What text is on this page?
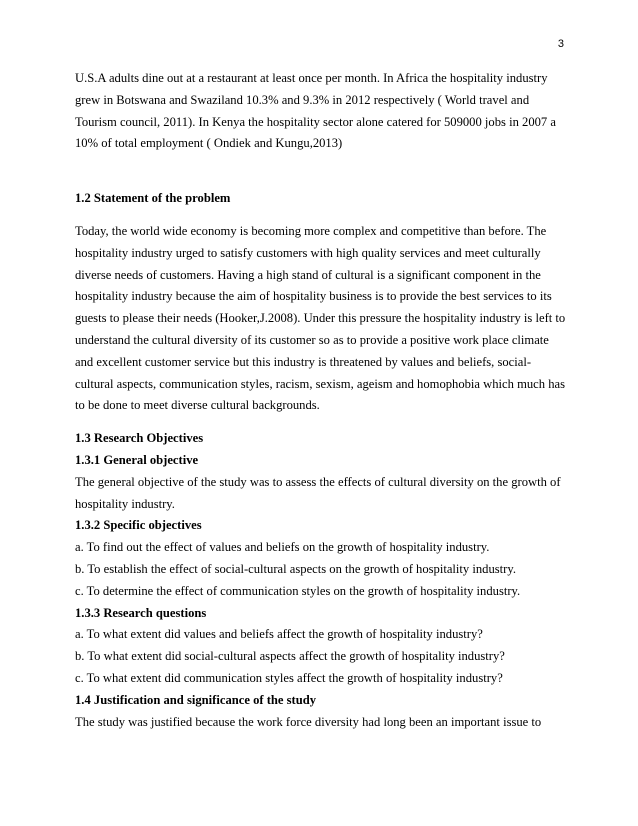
3

U.S.A adults dine out at a restaurant at least once per month. In Africa the hospitality industry grew in Botswana and Swaziland 10.3% and 9.3% in 2012 respectively ( World travel and Tourism council, 2011). In Kenya the hospitality sector alone catered for 509000 jobs in 2007 a 10% of total employment ( Ondiek and Kungu,2013)

1.2 Statement of the problem

Today, the world wide economy is becoming more complex and competitive than before. The hospitality industry urged to satisfy customers with high quality services and meet culturally diverse needs of customers. Having a high stand of cultural is a significant component in the hospitality industry because the aim of hospitality business is to provide the best services to its guests to please their needs (Hooker,J.2008). Under this pressure the hospitality industry is left to understand the cultural diversity of its customer so as to provide a positive work place climate and excellent customer service but this industry is threatened by values and beliefs, social-cultural aspects, communication styles, racism, sexism, ageism and homophobia which much has to be done to meet diverse cultural backgrounds.

1.3 Research Objectives

1.3.1 General objective

The general objective of the study was to assess the effects of cultural diversity on the growth of hospitality industry.

1.3.2 Specific objectives

a. To find out the effect of values and beliefs on the growth of hospitality industry.

b. To establish the effect of social-cultural aspects on the growth of hospitality industry.

c. To determine the effect of communication styles on the growth of hospitality industry.

1.3.3 Research questions

a. To what extent did values and beliefs affect the growth of hospitality industry?

b. To what extent did social-cultural aspects affect the growth of hospitality industry?

c. To what extent did communication styles affect the growth of hospitality industry?

1.4 Justification and significance of the study

The study was justified because the work force diversity had long been an important issue to
